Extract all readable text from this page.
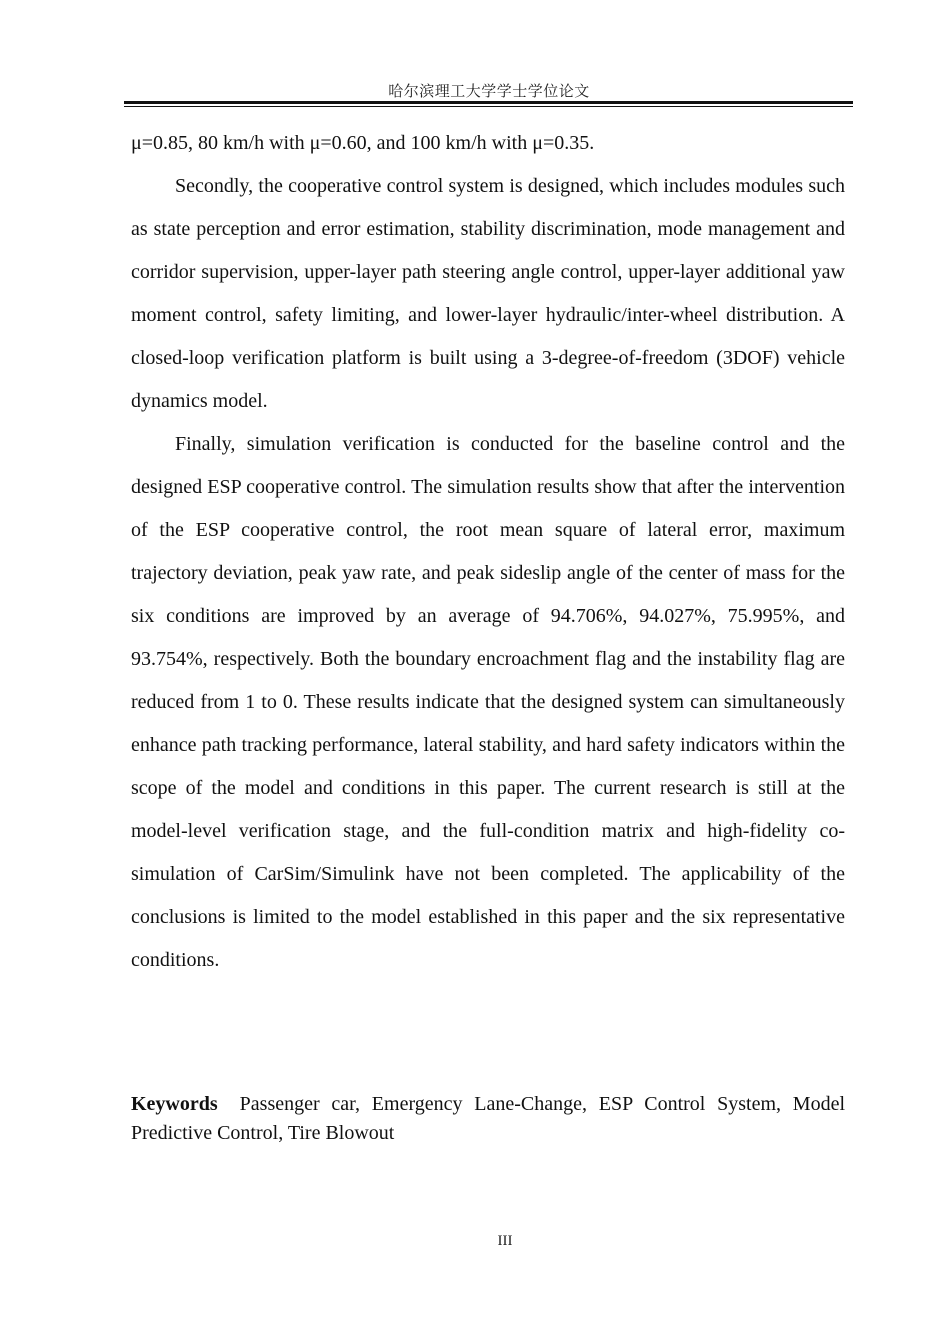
哈尔滨理工大学学士学位论文

μ=0.85, 80 km/h with μ=0.60, and 100 km/h with μ=0.35.

Secondly, the cooperative control system is designed, which includes modules such as state perception and error estimation, stability discrimination, mode management and corridor supervision, upper-layer path steering angle control, upper-layer additional yaw moment control, safety limiting, and lower-layer hydraulic/inter-wheel distribution. A closed-loop verification platform is built using a 3-degree-of-freedom (3DOF) vehicle dynamics model.

Finally, simulation verification is conducted for the baseline control and the designed ESP cooperative control. The simulation results show that after the intervention of the ESP cooperative control, the root mean square of lateral error, maximum trajectory deviation, peak yaw rate, and peak sideslip angle of the center of mass for the six conditions are improved by an average of 94.706%, 94.027%, 75.995%, and 93.754%, respectively. Both the boundary encroachment flag and the instability flag are reduced from 1 to 0. These results indicate that the designed system can simultaneously enhance path tracking performance, lateral stability, and hard safety indicators within the scope of the model and conditions in this paper. The current research is still at the model-level verification stage, and the full-condition matrix and high-fidelity co-simulation of CarSim/Simulink have not been completed. The applicability of the conclusions is limited to the model established in this paper and the six representative conditions.

Keywords Passenger car, Emergency Lane-Change, ESP Control System, Model Predictive Control, Tire Blowout
III
